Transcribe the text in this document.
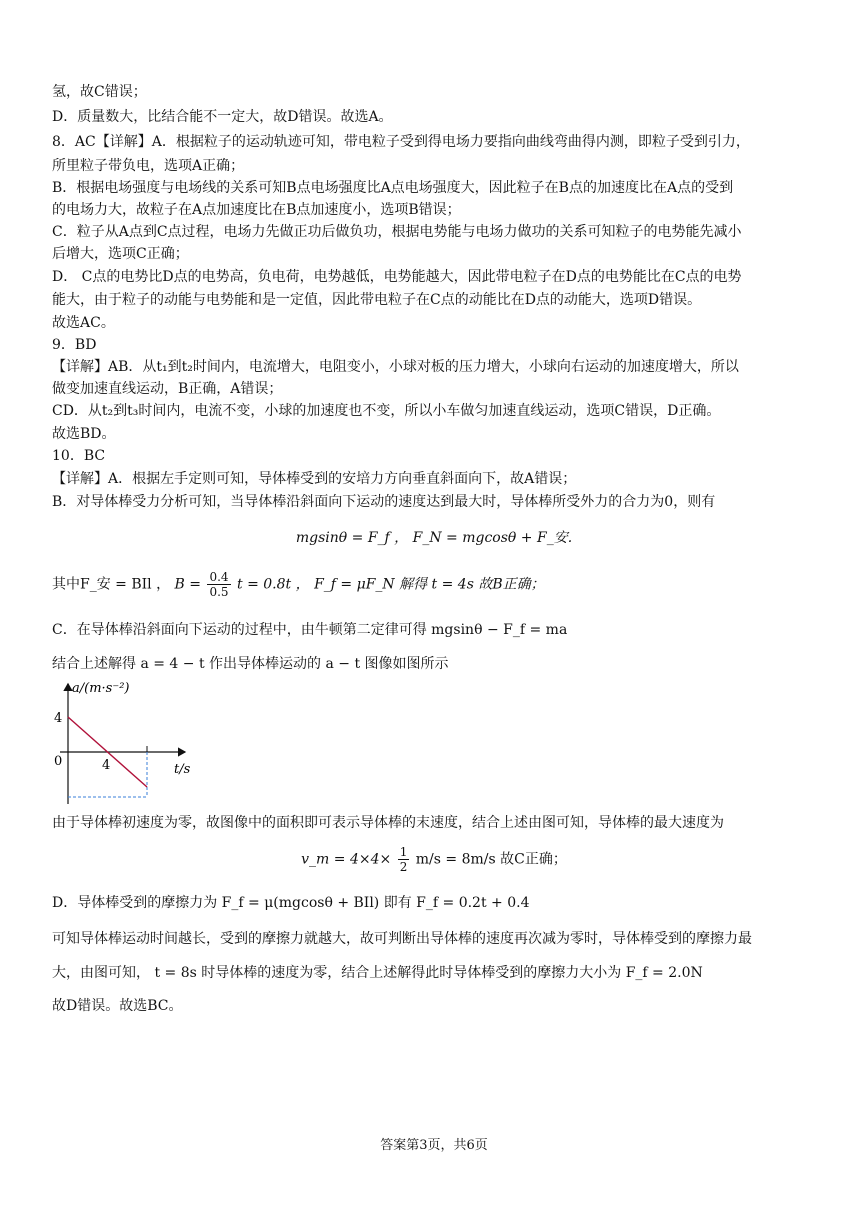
氢，故C错误；
D．质量数大，比结合能不一定大，故D错误。故选A。
8．AC【详解】A．根据粒子的运动轨迹可知，带电粒子受到得电场力要指向曲线弯曲得内测，即粒子受到引力，
所里粒子带负电，选项A正确；
B．根据电场强度与电场线的关系可知B点电场强度比A点电场强度大，因此粒子在B点的加速度比在A点的受到
的电场力大，故粒子在A点加速度比在B点加速度小，选项B错误；
C．粒子从A点到C点过程，电场力先做正功后做负功，根据电势能与电场力做功的关系可知粒子的电势能先减小
后增大，选项C正确；
D． C点的电势比D点的电势高，负电荷，电势越低，电势能越大，因此带电粒子在D点的电势能比在C点的电势
能大，由于粒子的动能与电势能和是一定值，因此带电粒子在C点的动能比在D点的动能大，选项D错误。
故选AC。
9．BD
【详解】AB．从t₁到t₂时间内，电流增大，电阻变小，小球对板的压力增大，小球向右运动的加速度增大，所以
做变加速直线运动，B正确，A错误；
CD．从t₂到t₃时间内，电流不变，小球的加速度也不变，所以小车做匀加速直线运动，选项C错误，D正确。
故选BD。
10．BC
【详解】A．根据左手定则可知，导体棒受到的安培力方向垂直斜面向下，故A错误；
B．对导体棒受力分析可知，当导体棒沿斜面向下运动的速度达到最大时，导体棒所受外力的合力为0，则有
mgsinθ = F_f ， F_N = mgcosθ + F_安.
其中F_安 = BIl ， $B = \frac{0.4}{0.5}$ t = 0.8t ， F_f = μF_N 解得 t = 4s 故B正确；
C．在导体棒沿斜面向下运动的过程中，由牛顿第二定律可得 mgsinθ − F_f = ma
结合上述解得 a = 4 − t 作出导体棒运动的 a − t 图像如图所示
a/(m·s⁻²)
t/s
4
0	4
由于导体棒初速度为零，故图像中的面积即可表示导体棒的末速度，结合上述由图可知，导体棒的最大速度为
v_m = $4\times 4\times \frac{1}{2} m/s = 8m/s$ 故C正确；
D．导体棒受到的摩擦力为 F_f = μ(mgcosθ + BIl) 即有 F_f = 0.2t + 0.4
可知导体棒运动时间越长，受到的摩擦力就越大，故可判断出导体棒的速度再次减为零时，导体棒受到的摩擦力最
大，由图可知， t = 8s 时导体棒的速度为零，结合上述解得此时导体棒受到的摩擦力大小为 F_f = 2.0N
故D错误。故选BC。
答案第3页，共6页
